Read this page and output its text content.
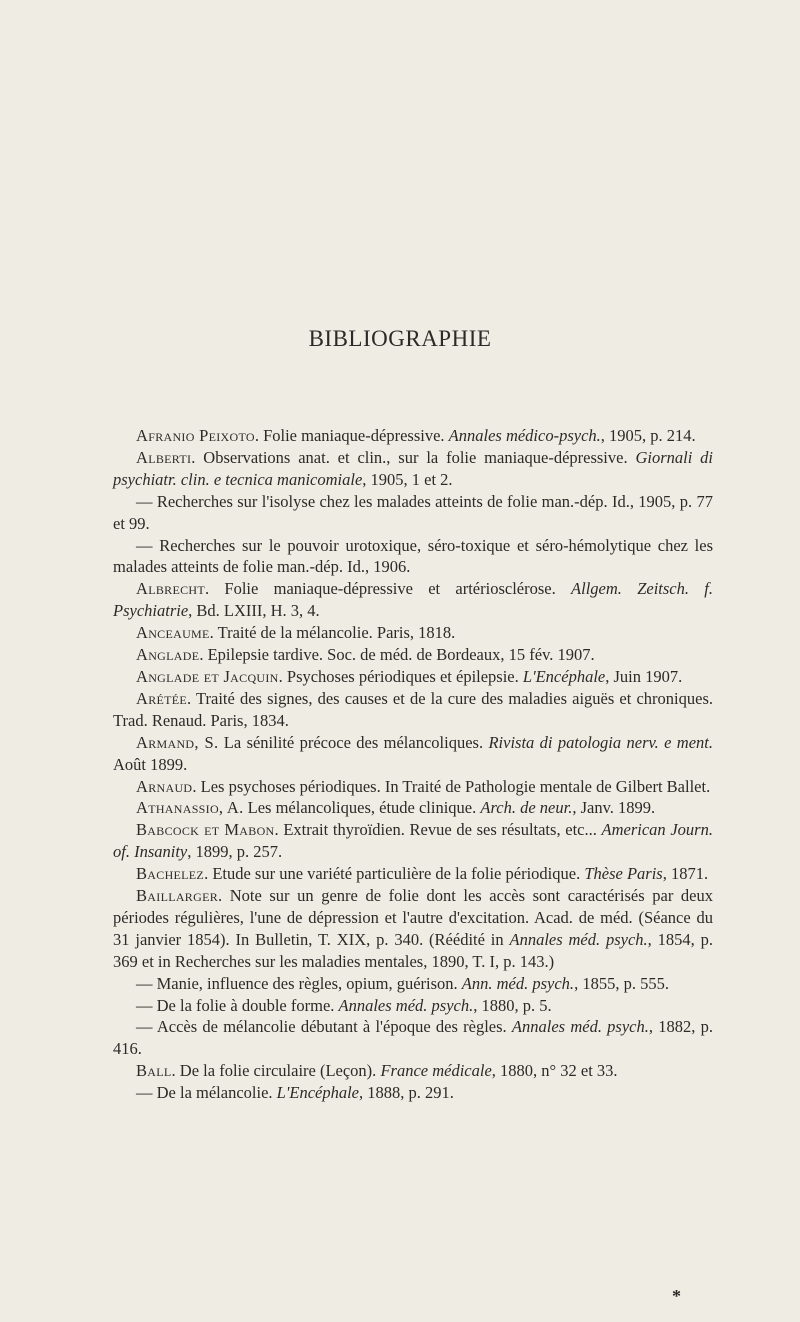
BIBLIOGRAPHIE

Afranio Peixoto. Folie maniaque-dépressive. Annales médico-psych., 1905, p. 214.

Alberti. Observations anat. et clin., sur la folie maniaque-dépressive. Giornali di psychiatr. clin. e tecnica manicomiale, 1905, 1 et 2.

— Recherches sur l'isolyse chez les malades atteints de folie man.-dép. Id., 1905, p. 77 et 99.

— Recherches sur le pouvoir urotoxique, séro-toxique et séro-hémolytique chez les malades atteints de folie man.-dép. Id., 1906.

Albrecht. Folie maniaque-dépressive et artériosclérose. Allgem. Zeitsch. f. Psychiatrie, Bd. LXIII, H. 3, 4.

Anceaume. Traité de la mélancolie. Paris, 1818.

Anglade. Epilepsie tardive. Soc. de méd. de Bordeaux, 15 fév. 1907.

Anglade et Jacquin. Psychoses périodiques et épilepsie. L'Encéphale, Juin 1907.

Arétée. Traité des signes, des causes et de la cure des maladies aiguës et chroniques. Trad. Renaud. Paris, 1834.

Armand, S. La sénilité précoce des mélancoliques. Rivista di patologia nerv. e ment. Août 1899.

Arnaud. Les psychoses périodiques. In Traité de Pathologie mentale de Gilbert Ballet.

Athanassio, A. Les mélancoliques, étude clinique. Arch. de neur., Janv. 1899.

Babcock et Mabon. Extrait thyroïdien. Revue de ses résultats, etc... American Journ. of. Insanity, 1899, p. 257.

Bachelez. Etude sur une variété particulière de la folie périodique. Thèse Paris, 1871.

Baillarger. Note sur un genre de folie dont les accès sont caractérisés par deux périodes régulières, l'une de dépression et l'autre d'excitation. Acad. de méd. (Séance du 31 janvier 1854). In Bulletin, T. XIX, p. 340. (Réédité in Annales méd. psych., 1854, p. 369 et in Recherches sur les maladies mentales, 1890, T. I, p. 143.)

— Manie, influence des règles, opium, guérison. Ann. méd. psych., 1855, p. 555.

— De la folie à double forme. Annales méd. psych., 1880, p. 5.

— Accès de mélancolie débutant à l'époque des règles. Annales méd. psych., 1882, p. 416.

Ball. De la folie circulaire (Leçon). France médicale, 1880, n° 32 et 33.

— De la mélancolie. L'Encéphale, 1888, p. 291.

*
